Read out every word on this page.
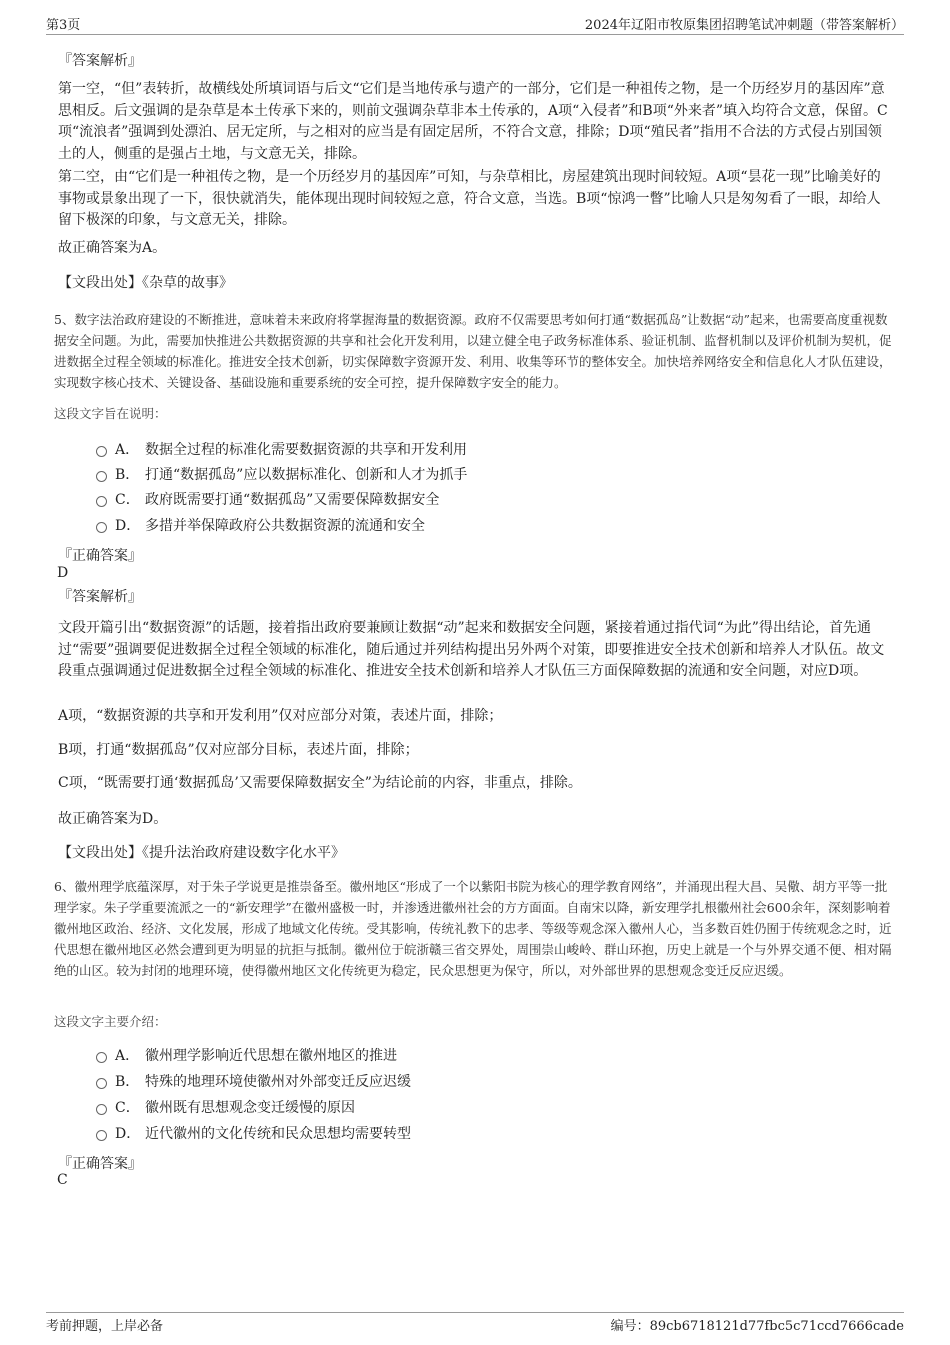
第3页	2024年辽阳市牧原集团招聘笔试冲刺题（带答案解析）
『答案解析』

第一空，“但”表转折，故横线处所填词语与后文“它们是当地传承与遗产的一部分，它们是一种祖传之物，是一个历经岁月的基因库”意思相反。后文强调的是杂草是本土传承下来的，则前文强调杂草非本土传承的，A项“入侵者”和B项“外来者”填入均符合文意，保留。C项“流浪者”强调到处漂泊、居无定所，与之相对的应当是有固定居所，不符合文意，排除；D项“殖民者”指用不合法的方式侵占别国领土的人，侧重的是强占土地，与文意无关，排除。

第二空，由“它们是一种祖传之物，是一个历经岁月的基因库”可知，与杂草相比，房屋建筑出现时间较短。A项“昙花一现”比喻美好的事物或景象出现了一下，很快就消失，能体现出现时间较短之意，符合文意，当选。B项“惊鸿一瞥”比喻人只是匆匆看了一眼，却给人留下极深的印象，与文意无关，排除。

故正确答案为A。
【文段出处】《杂草的故事》

5、数字法治政府建设的不断推进，意味着未来政府将掌握海量的数据资源。政府不仅需要思考如何打通“数据孤岛”让数据“动”起来，也需要高度重视数据安全问题。为此，需要加快推进公共数据资源的共享和社会化开发利用，以建立健全电子政务标准体系、验证机制、监督机制以及评价机制为契机，促进数据全过程全领域的标准化。推进安全技术创新，切实保障数字资源开发、利用、收集等环节的整体安全。加快培养网络安全和信息化人才队伍建设，实现数字核心技术、关键设备、基础设施和重要系统的安全可控，提升保障数字安全的能力。

这段文字旨在说明：
A． 数据全过程的标准化需要数据资源的共享和开发利用
B． 打通“数据孤岛”应以数据标准化、创新和人才为抓手
C． 政府既需要打通“数据孤岛”又需要保障数据安全
D． 多措并举保障政府公共数据资源的流通和安全
『正确答案』
D
『答案解析』

文段开篇引出“数据资源”的话题，接着指出政府要兼顾让数据“动”起来和数据安全问题，紧接着通过指代词“为此”得出结论，首先通过“需要”强调要促进数据全过程全领域的标准化，随后通过并列结构提出另外两个对策，即要推进安全技术创新和培养人才队伍。故文段重点强调通过促进数据全过程全领域的标准化、推进安全技术创新和培养人才队伍三方面保障数据的流通和安全问题，对应D项。

A项，“数据资源的共享和开发利用”仅对应部分对策，表述片面，排除；

B项，打通“数据孤岛”仅对应部分目标，表述片面，排除；

C项，“既需要打通‘数据孤岛’又需要保障数据安全”为结论前的内容，非重点，排除。

故正确答案为D。
【文段出处】《提升法治政府建设数字化水平》

6、徽州理学底蕴深厚，对于朱子学说更是推崇备至。徽州地区“形成了一个以紫阳书院为核心的理学教育网络”，并涌现出程大昌、吴儆、胡方平等一批理学家。朱子学重要流派之一的“新安理学”在徽州盛极一时，并渗透进徽州社会的方方面面。自南宋以降，新安理学扎根徽州社会600余年，深刻影响着徽州地区政治、经济、文化发展，形成了地域文化传统。受其影响，传统礼教下的忠孝、等级等观念深入徽州人心，当多数百姓仍囿于传统观念之时，近代思想在徽州地区必然会遭到更为明显的抗拒与抵制。徽州位于皖浙赣三省交界处，周围崇山峻岭、群山环抱，历史上就是一个与外界交通不便、相对隔绝的山区。较为封闭的地理环境，使得徽州地区文化传统更为稳定，民众思想更为保守，所以，对外部世界的思想观念变迁反应迟缓。

这段文字主要介绍：
A． 徽州理学影响近代思想在徽州地区的推进
B． 特殊的地理环境使徽州对外部变迁反应迟缓
C． 徽州既有思想观念变迁缓慢的原因
D． 近代徽州的文化传统和民众思想均需要转型
『正确答案』
C
考前押题，上岸必备	编号：89cb6718121d77fbc5c71ccd7666cade
